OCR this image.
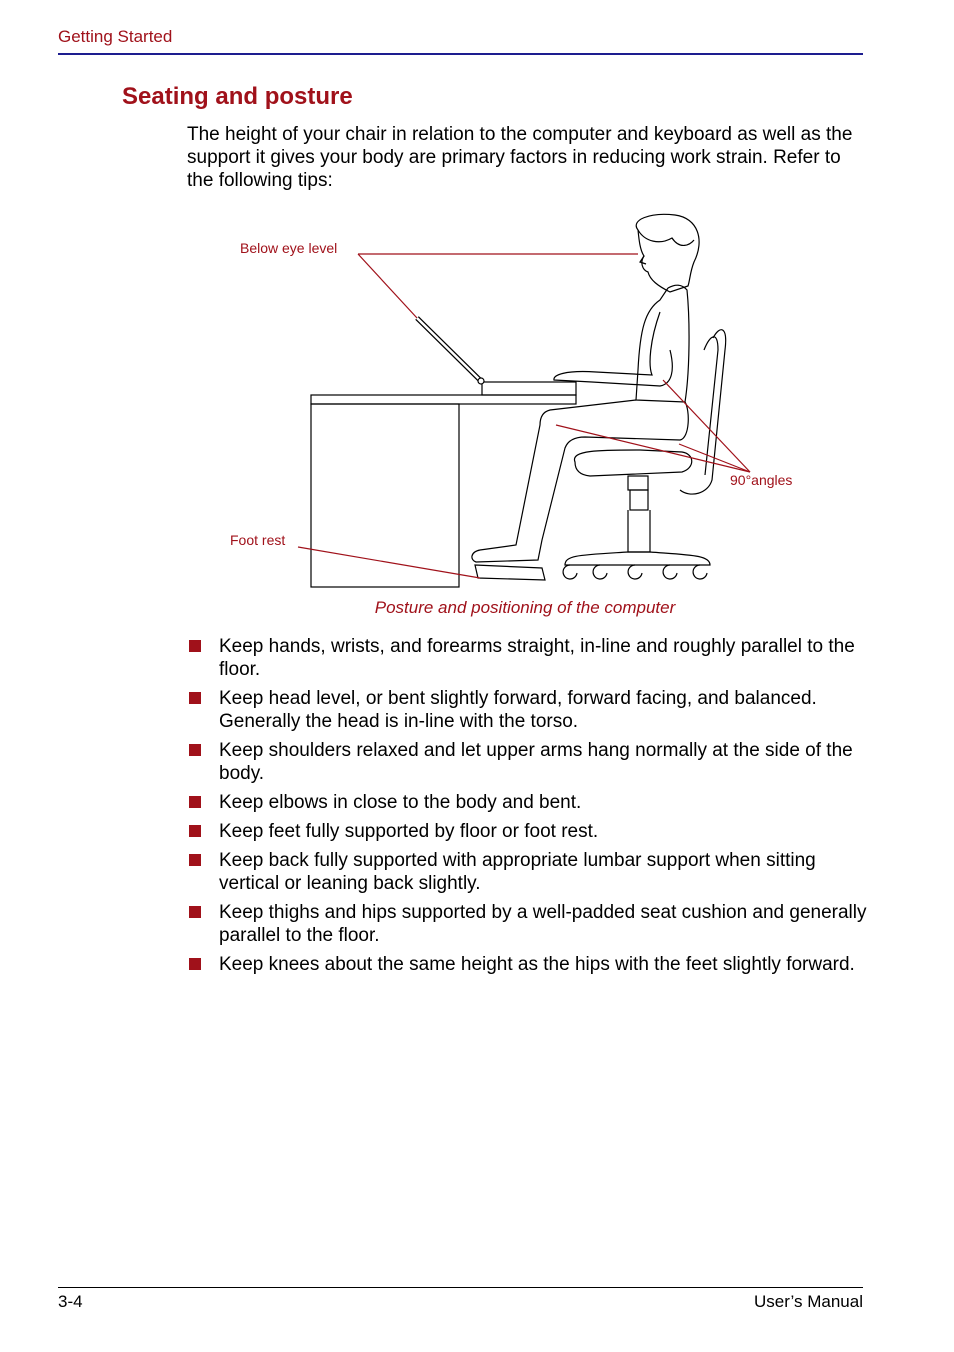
Getting Started
Seating and posture

The height of your chair in relation to the computer and keyboard as well as the support it gives your body are primary factors in reducing work strain. Refer to the following tips:

Below eye level
90°angles
Foot rest
Posture and positioning of the computer
Keep hands, wrists, and forearms straight, in-line and roughly parallel to the floor.
Keep head level, or bent slightly forward, forward facing, and balanced. Generally the head is in-line with the torso.
Keep shoulders relaxed and let upper arms hang normally at the side of the body.
Keep elbows in close to the body and bent.
Keep feet fully supported by floor or foot rest.
Keep back fully supported with appropriate lumbar support when sitting vertical or leaning back slightly.
Keep thighs and hips supported by a well-padded seat cushion and generally parallel to the floor.
Keep knees about the same height as the hips with the feet slightly forward.
3-4	User’s Manual
